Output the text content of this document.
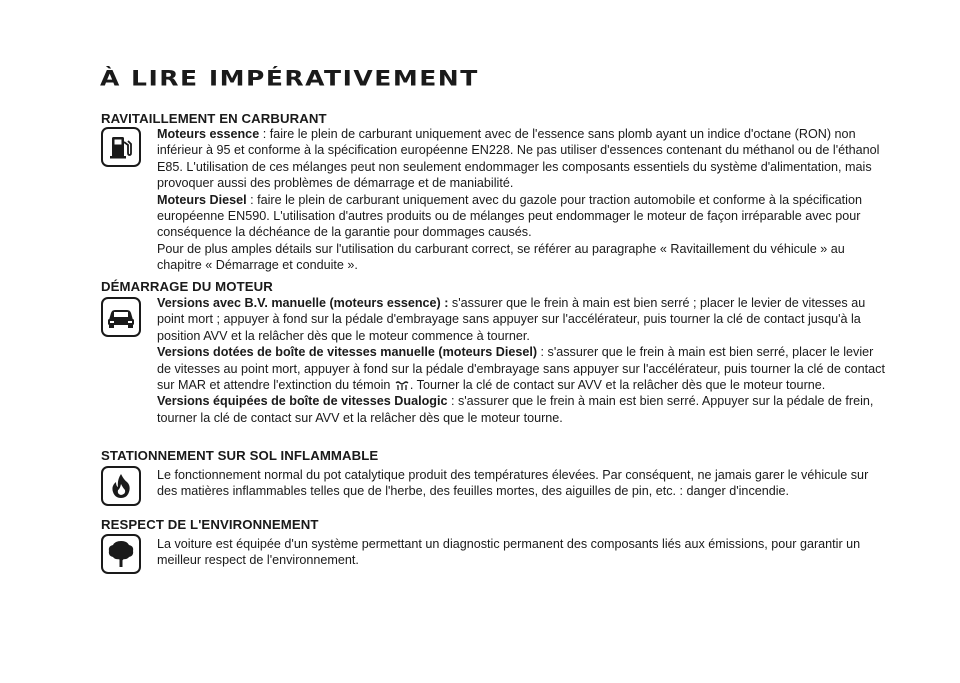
À LIRE IMPÉRATIVEMENT
RAVITAILLEMENT EN CARBURANT

Moteurs essence : faire le plein de carburant uniquement avec de l'essence sans plomb ayant un indice d'octane (RON) non inférieur à 95 et conforme à la spécification européenne EN228. Ne pas utiliser d'essences contenant du méthanol ou de l'éthanol E85. L'utilisation de ces mélanges peut non seulement endommager les composants essentiels du système d'alimentation, mais provoquer aussi des problèmes de démarrage et de maniabilité.

Moteurs Diesel : faire le plein de carburant uniquement avec du gazole pour traction automobile et conforme à la spécification européenne EN590. L'utilisation d'autres produits ou de mélanges peut endommager le moteur de façon irréparable avec pour conséquence la déchéance de la garantie pour dommages causés.

Pour de plus amples détails sur l'utilisation du carburant correct, se référer au paragraphe « Ravitaillement du véhicule » au chapitre « Démarrage et conduite ».

DÉMARRAGE DU MOTEUR

Versions avec B.V. manuelle (moteurs essence) : s'assurer que le frein à main est bien serré ; placer le levier de vitesses au point mort ; appuyer à fond sur la pédale d'embrayage sans appuyer sur l'accélérateur, puis tourner la clé de contact jusqu'à la position AVV et la relâcher dès que le moteur commence à tourner.

Versions dotées de boîte de vitesses manuelle (moteurs Diesel) : s'assurer que le frein à main est bien serré, placer le levier de vitesses au point mort, appuyer à fond sur la pédale d'embrayage sans appuyer sur l'accélérateur, puis tourner la clé de contact sur MAR et attendre l'extinction du témoin . Tourner la clé de contact sur AVV et la relâcher dès que le moteur tourne.

Versions équipées de boîte de vitesses Dualogic : s'assurer que le frein à main est bien serré. Appuyer sur la pédale de frein, tourner la clé de contact sur AVV et la relâcher dès que le moteur tourne.

STATIONNEMENT SUR SOL INFLAMMABLE

Le fonctionnement normal du pot catalytique produit des températures élevées. Par conséquent, ne jamais garer le véhicule sur des matières inflammables telles que de l'herbe, des feuilles mortes, des aiguilles de pin, etc. : danger d'incendie.

RESPECT DE L'ENVIRONNEMENT

La voiture est équipée d'un système permettant un diagnostic permanent des composants liés aux émissions, pour garantir un meilleur respect de l'environnement.
